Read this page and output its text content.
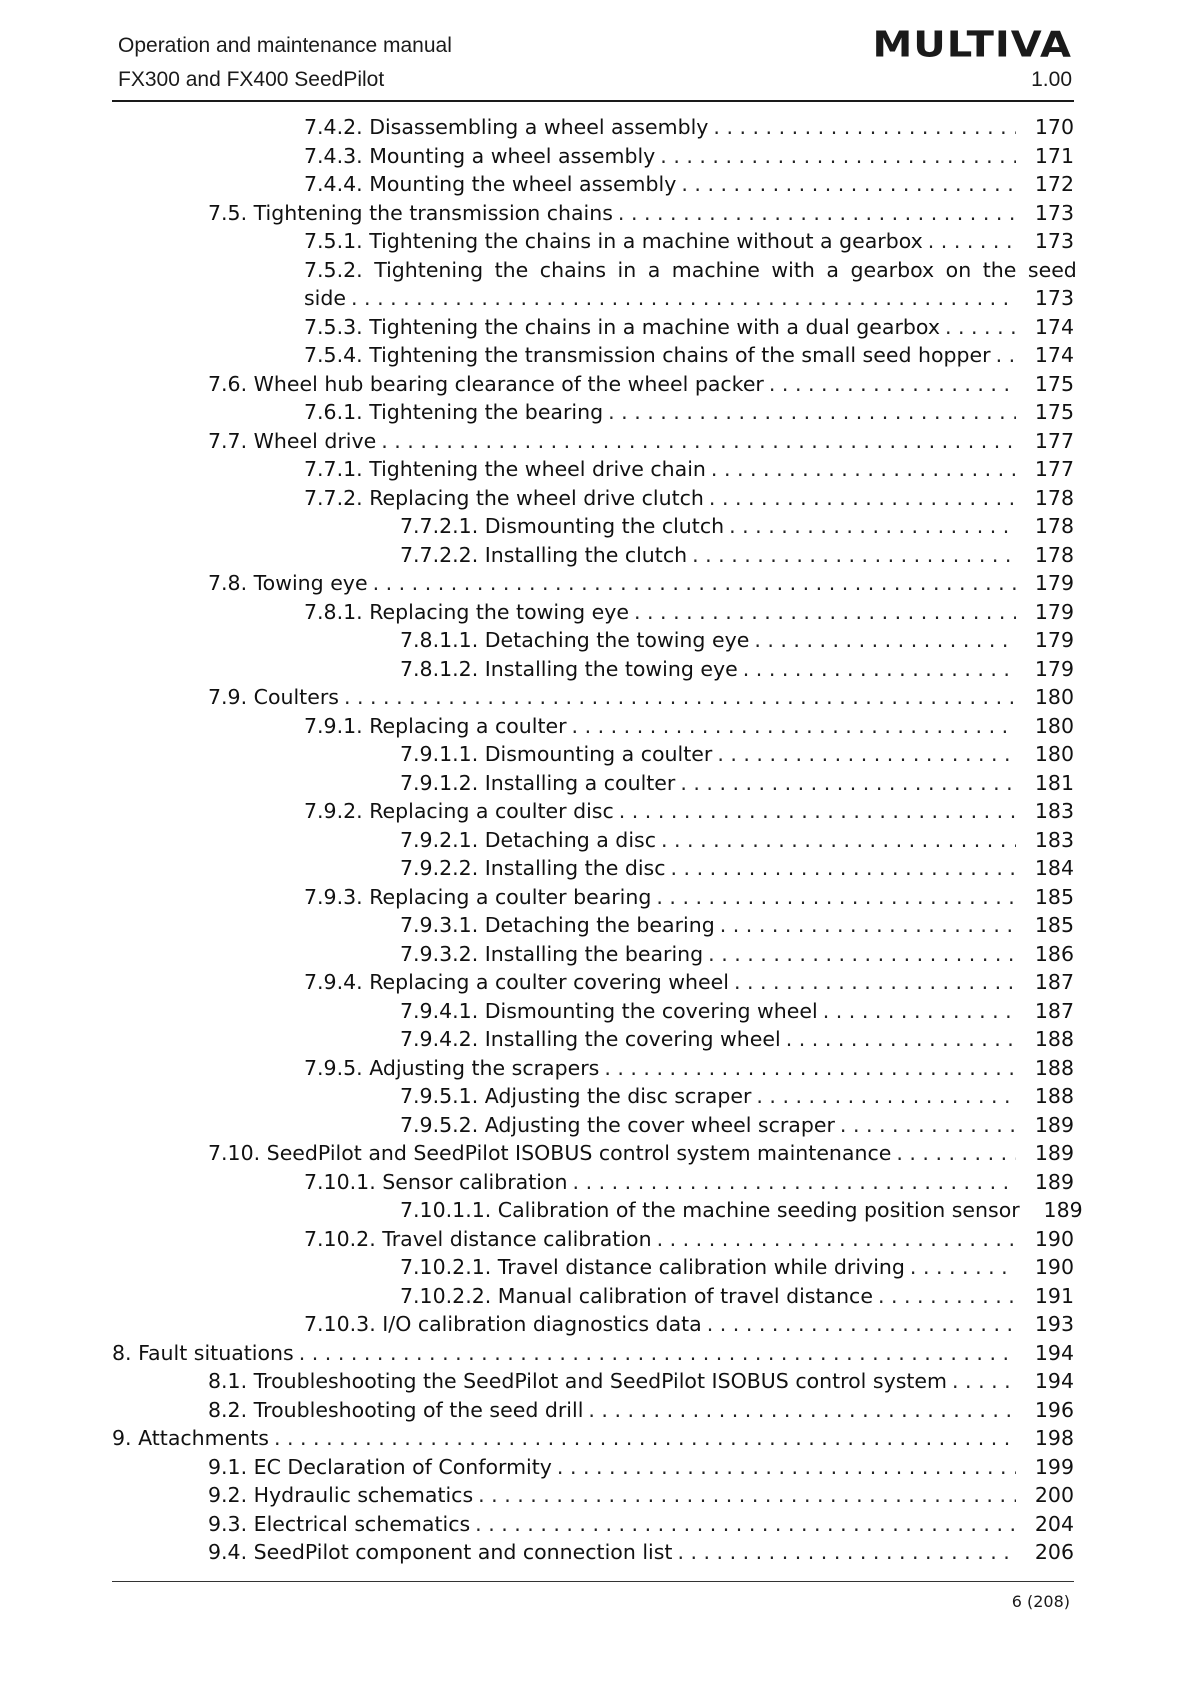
Operation and maintenance manual
FX300 and FX400 SeedPilot
MULTIVA
1.00
7.4.2. Disassembling a wheel assembly . . .	170
7.4.3. Mounting a wheel assembly . . .	171
7.4.4. Mounting the wheel assembly . . .	172
7.5. Tightening the transmission chains . . .	173
7.5.1. Tightening the chains in a machine without a gearbox . . .	173
7.5.2. Tightening the chains in a machine with a gearbox on the seed
side . . .	173
7.5.3. Tightening the chains in a machine with a dual gearbox . . .	174
7.5.4. Tightening the transmission chains of the small seed hopper . . .	174
7.6. Wheel hub bearing clearance of the wheel packer . . .	175
7.6.1. Tightening the bearing . . .	175
7.7. Wheel drive . . .	177
7.7.1. Tightening the wheel drive chain . . .	177
7.7.2. Replacing the wheel drive clutch . . .	178
7.7.2.1. Dismounting the clutch . . .	178
7.7.2.2. Installing the clutch . . .	178
7.8. Towing eye . . .	179
7.8.1. Replacing the towing eye . . .	179
7.8.1.1. Detaching the towing eye . . .	179
7.8.1.2. Installing the towing eye . . .	179
7.9. Coulters . . .	180
7.9.1. Replacing a coulter . . .	180
7.9.1.1. Dismounting a coulter . . .	180
7.9.1.2. Installing a coulter . . .	181
7.9.2. Replacing a coulter disc . . .	183
7.9.2.1. Detaching a disc . . .	183
7.9.2.2. Installing the disc . . .	184
7.9.3. Replacing a coulter bearing . . .	185
7.9.3.1. Detaching the bearing . . .	185
7.9.3.2. Installing the bearing . . .	186
7.9.4. Replacing a coulter covering wheel . . .	187
7.9.4.1. Dismounting the covering wheel . . .	187
7.9.4.2. Installing the covering wheel . . .	188
7.9.5. Adjusting the scrapers . . .	188
7.9.5.1. Adjusting the disc scraper . . .	188
7.9.5.2. Adjusting the cover wheel scraper . . .	189
7.10. SeedPilot and SeedPilot ISOBUS control system maintenance . . .	189
7.10.1. Sensor calibration . . .	189
7.10.1.1. Calibration of the machine seeding position sensor	189
7.10.2. Travel distance calibration . . .	190
7.10.2.1. Travel distance calibration while driving . . .	190
7.10.2.2. Manual calibration of travel distance . . .	191
7.10.3. I/O calibration diagnostics data . . .	193
8. Fault situations . . .	194
8.1. Troubleshooting the SeedPilot and SeedPilot ISOBUS control system . . .	194
8.2. Troubleshooting of the seed drill . . .	196
9. Attachments . . .	198
9.1. EC Declaration of Conformity . . .	199
9.2. Hydraulic schematics . . .	200
9.3. Electrical schematics . . .	204
9.4. SeedPilot component and connection list . . .	206
6 (208)
